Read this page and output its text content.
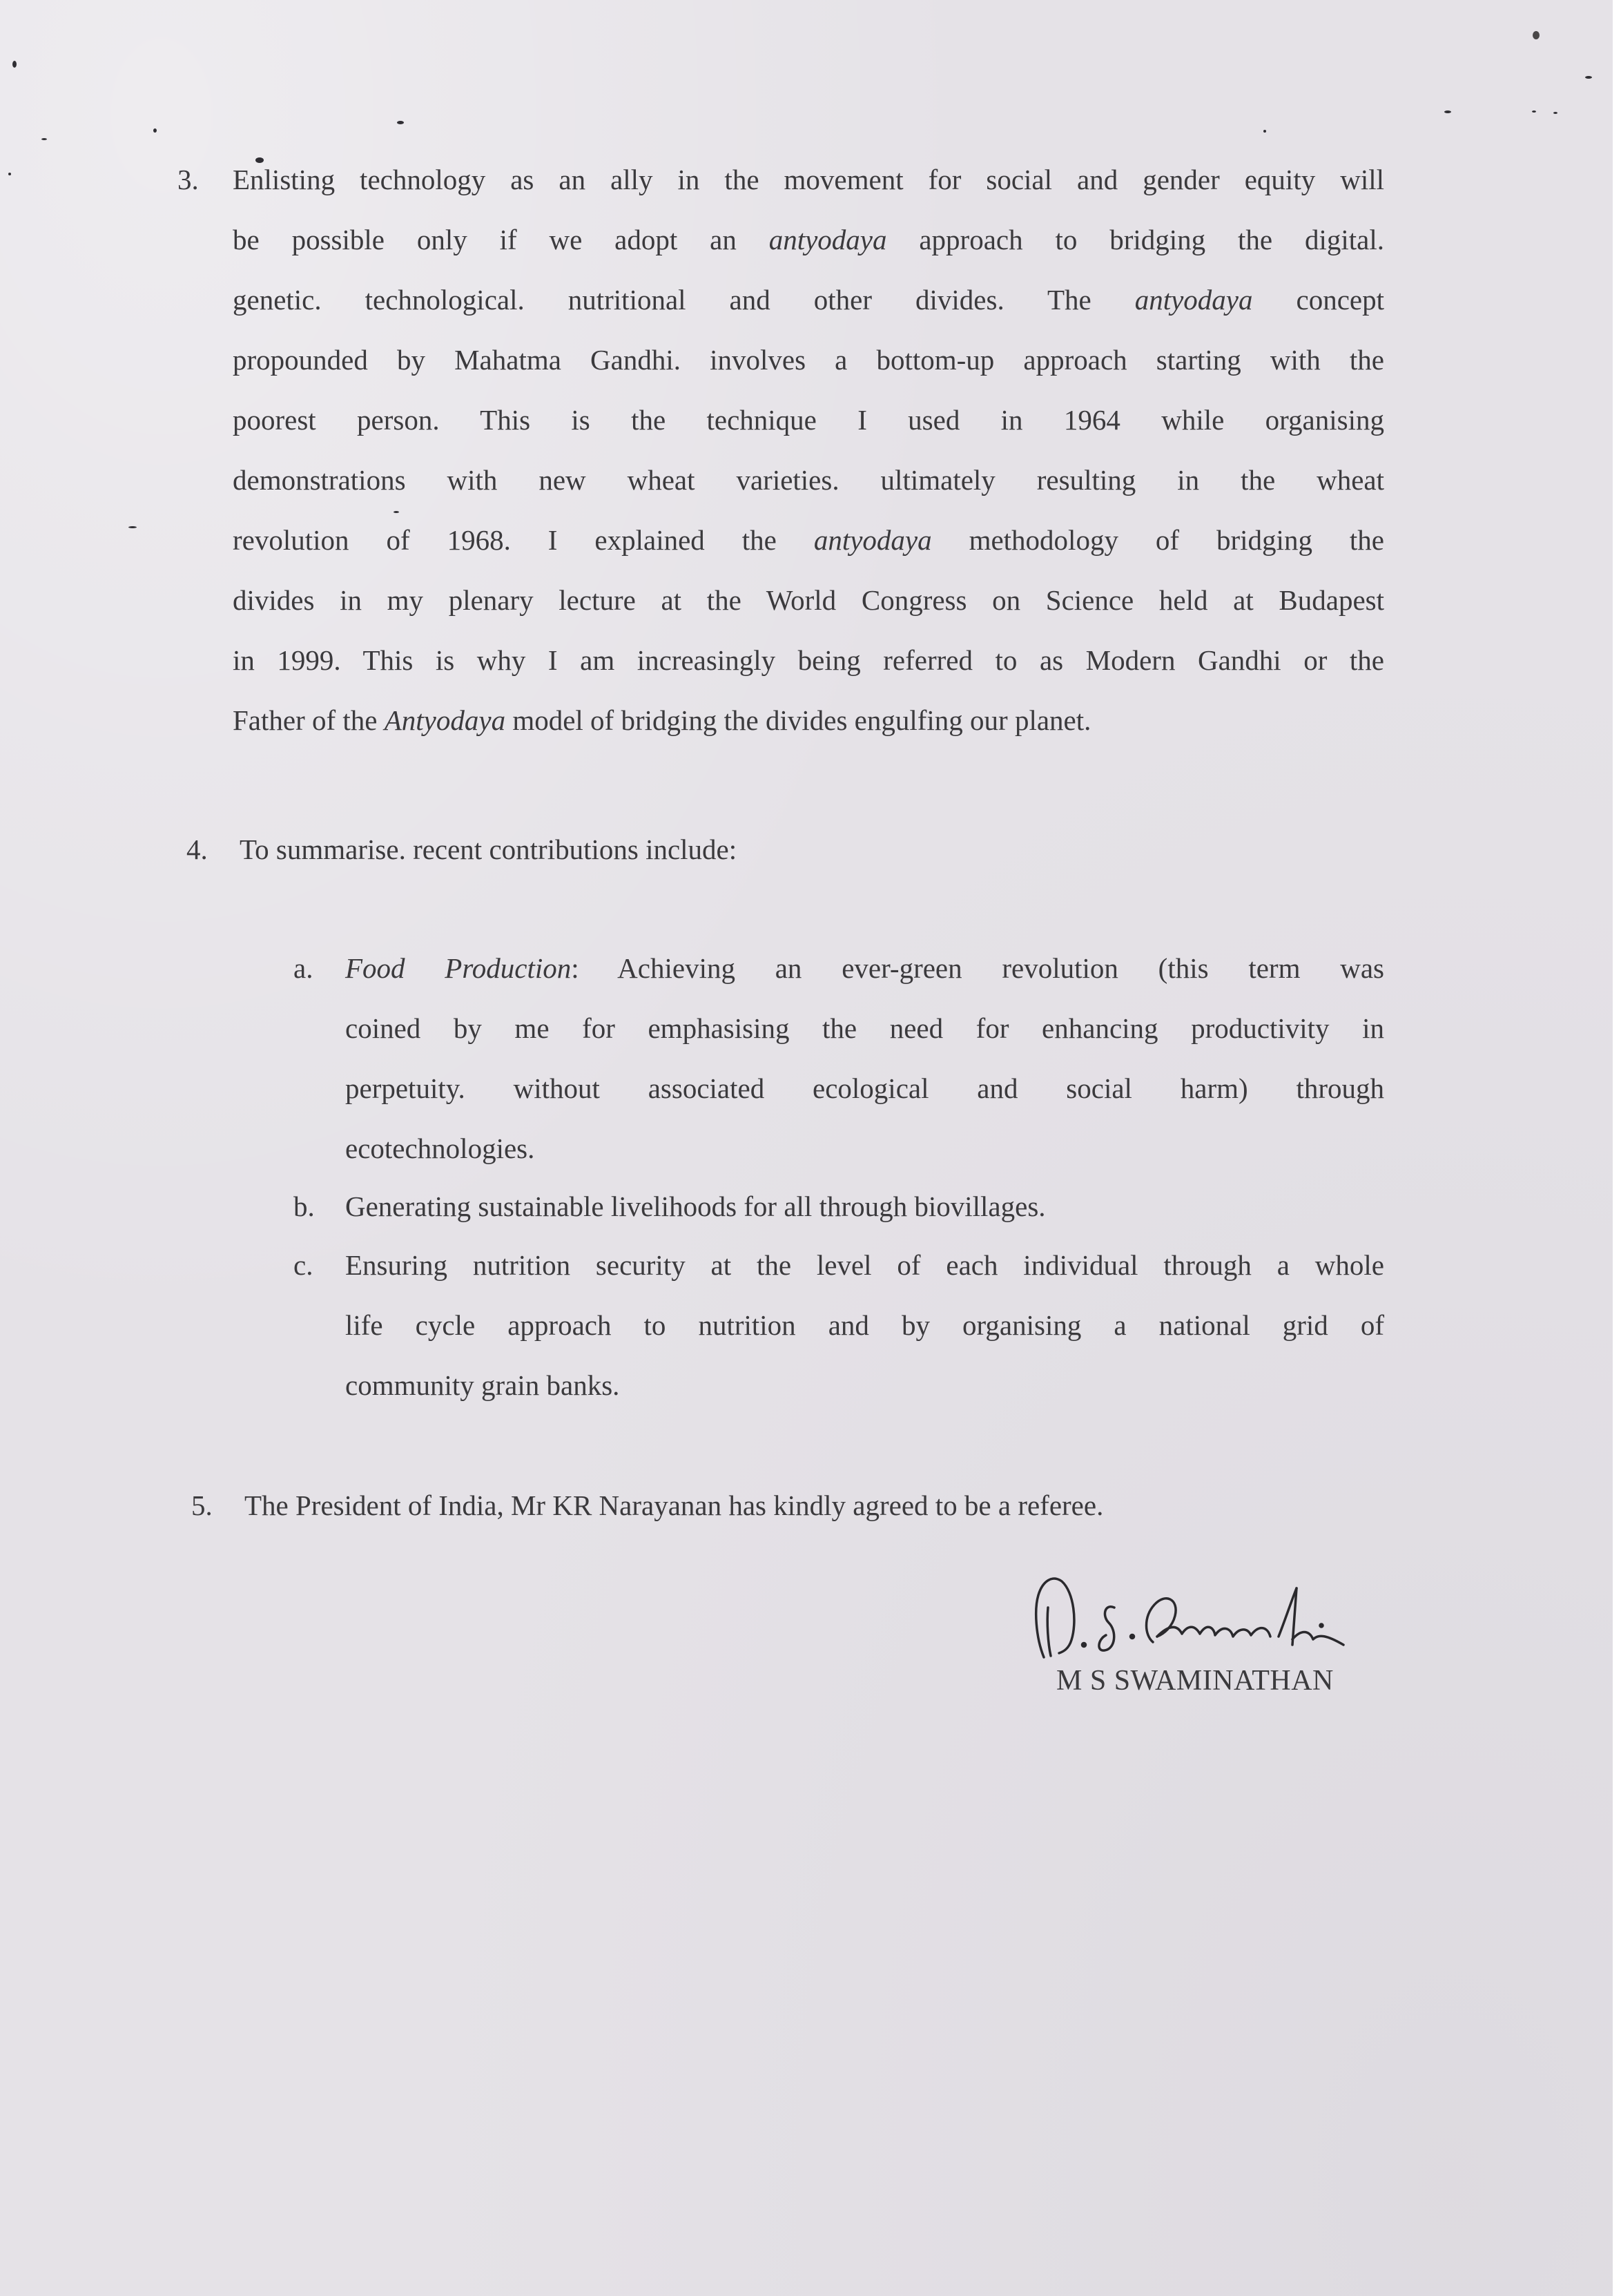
3. Enlisting technology as an ally in the movement for social and gender equity will
be possible only if we adopt an antyodaya approach to bridging the digital.
genetic. technological. nutritional and other divides. The antyodaya concept
propounded by Mahatma Gandhi. involves a bottom-up approach starting with the
poorest person. This is the technique I used in 1964 while organising
demonstrations with new wheat varieties. ultimately resulting in the wheat
revolution of 1968. I explained the antyodaya methodology of bridging the
divides in my plenary lecture at the World Congress on Science held at Budapest
in 1999. This is why I am increasingly being referred to as Modern Gandhi or the
Father of the Antyodaya model of bridging the divides engulfing our planet.
4. To summarise. recent contributions include:
a.
b.
c.
Food Production: Achieving an ever-green revolution (this term was
coined by me for emphasising the need for enhancing productivity in
perpetuity. without associated ecological and social harm) through
ecotechnologies.
Generating sustainable livelihoods for all through biovillages.
Ensuring nutrition security at the level of each individual through a whole
life cycle approach to nutrition and by organising a national grid of
community grain banks.
5. The President of India, Mr KR Narayanan has kindly agreed to be a referee.
M S SWAMINATHAN
